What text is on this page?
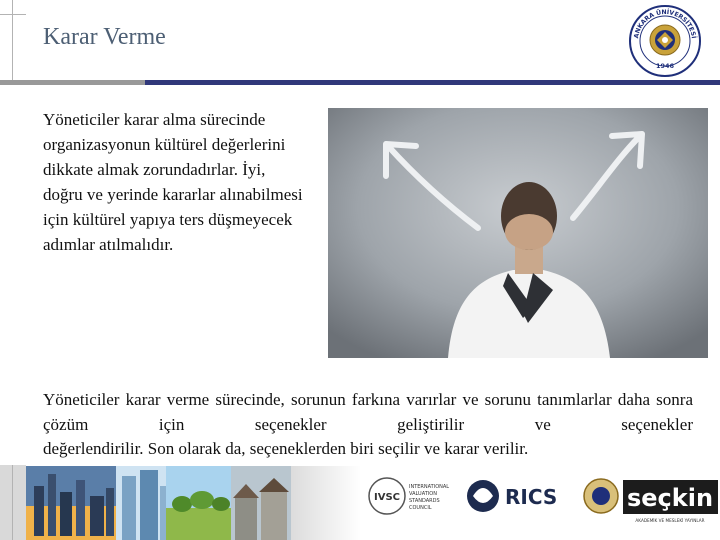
Karar Verme	ANKARA ÜNİVERSİTESİ
1946
Yöneticiler karar alma sürecinde organizasyonun kültürel değerlerini dikkate almak zorundadırlar. İyi, doğru ve yerinde kararlar alınabilmesi için kültürel yapıya ters düşmeyecek adımlar atılmalıdır.
Yöneticiler karar verme sürecinde, sorunun farkına varırlar ve sorunu tanımlarlar daha sonra çözüm için seçenekler geliştirilir ve seçenekler
değerlendirilir. Son olarak da, seçeneklerden biri seçilir ve karar verilir.
IVSC
INTERNATIONAL
VALUATION
STANDARDS
COUNCIL	RICS	seçkin
AKADEMİK VE MESLEKİ YAYINLAR
